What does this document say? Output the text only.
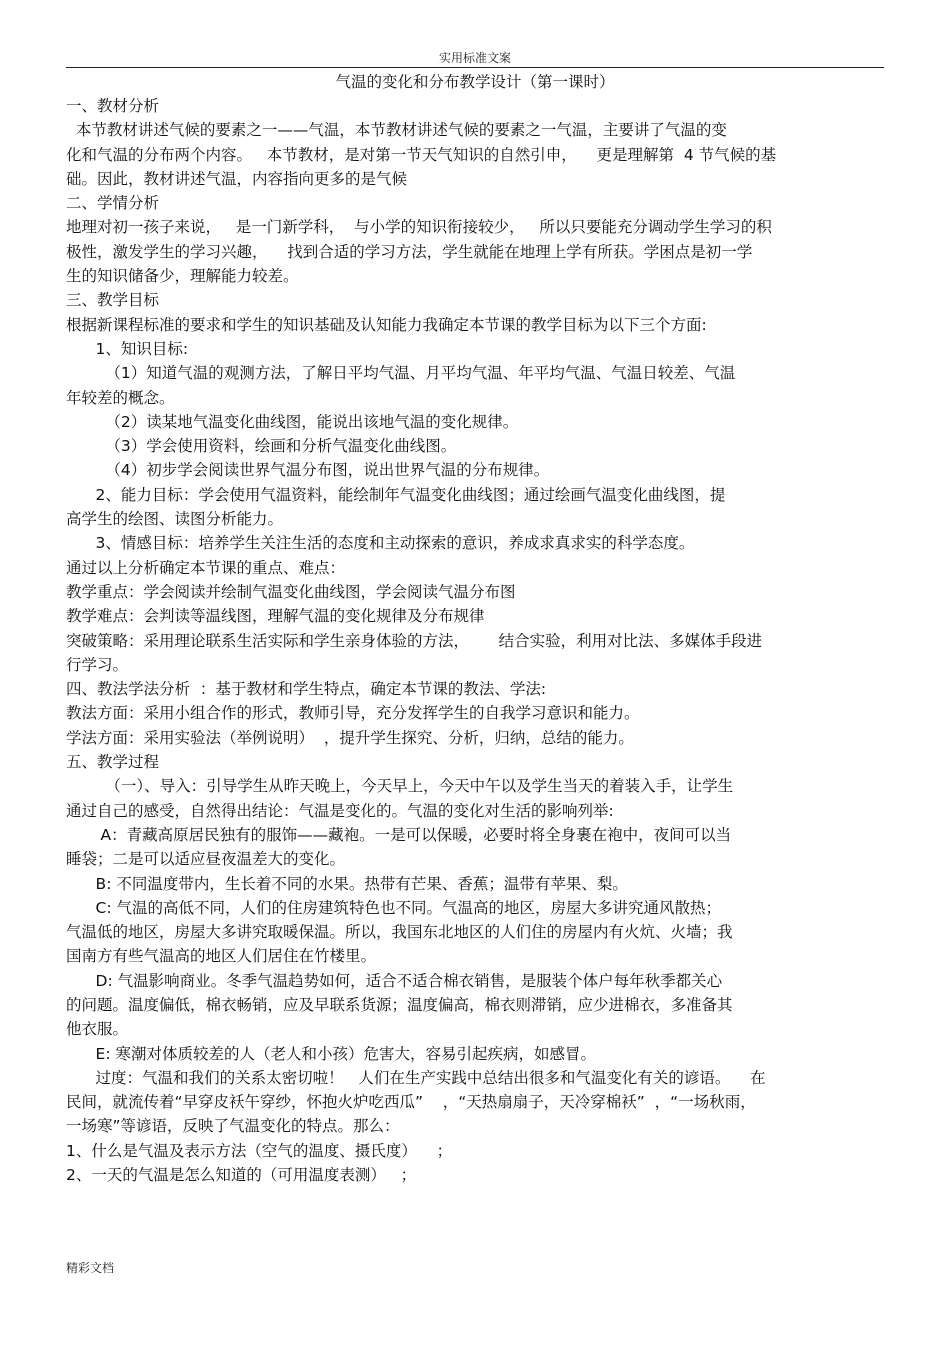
实用标准文案
气温的变化和分布教学设计（第一课时）
一、教材分析
本节教材讲述气候的要素之一——气温，本节教材讲述气候的要素之一气温，主要讲了气温的变
化和气温的分布两个内容。   本节教材，是对第一节天气知识的自然引申，    更是理解第  4 节气候的基
础。因此，教材讲述气温，内容指向更多的是气候
二、学情分析
地理对初一孩子来说，   是一门新学科，  与小学的知识衔接较少，   所以只要能充分调动学生学习的积
极性，激发学生的学习兴趣，    找到合适的学习方法，学生就能在地理上学有所获。学困点是初一学
生的知识储备少，理解能力较差。
三、教学目标
根据新课程标准的要求和学生的知识基础及认知能力我确定本节课的教学目标为以下三个方面:
1、知识目标:
（1）知道气温的观测方法，了解日平均气温、月平均气温、年平均气温、气温日较差、气温
年较差的概念。
（2）读某地气温变化曲线图，能说出该地气温的变化规律。
（3）学会使用资料，绘画和分析气温变化曲线图。
（4）初步学会阅读世界气温分布图，说出世界气温的分布规律。
2、能力目标：学会使用气温资料，能绘制年气温变化曲线图；通过绘画气温变化曲线图，提
高学生的绘图、读图分析能力。
3、情感目标：培养学生关注生活的态度和主动探索的意识，养成求真求实的科学态度。
通过以上分析确定本节课的重点、难点：
教学重点：学会阅读并绘制气温变化曲线图，学会阅读气温分布图
教学难点：会判读等温线图，理解气温的变化规律及分布规律
突破策略：采用理论联系生活实际和学生亲身体验的方法，      结合实验，利用对比法、多媒体手段进
行学习。
四、教法学法分析  ：基于教材和学生特点，确定本节课的教法、学法:
教法方面：采用小组合作的形式，教师引导，充分发挥学生的自我学习意识和能力。
学法方面：采用实验法（举例说明）  ，提升学生探究、分析，归纳，总结的能力。
五、教学过程
（一）、导入：引导学生从昨天晚上，今天早上，今天中午以及学生当天的着装入手，让学生
通过自己的感受，自然得出结论：气温是变化的。气温的变化对生活的影响列举:
A：青藏高原居民独有的服饰——藏袍。一是可以保暖，必要时将全身裹在袍中，夜间可以当
睡袋；二是可以适应昼夜温差大的变化。
B: 不同温度带内，生长着不同的水果。热带有芒果、香蕉；温带有苹果、梨。
C: 气温的高低不同，人们的住房建筑特色也不同。气温高的地区，房屋大多讲究通风散热；
气温低的地区，房屋大多讲究取暖保温。所以，我国东北地区的人们住的房屋内有火炕、火墙；我
国南方有些气温高的地区人们居住在竹楼里。
D: 气温影响商业。冬季气温趋势如何，适合不适合棉衣销售，是服装个体户每年秋季都关心
的问题。温度偏低，棉衣畅销，应及早联系货源；温度偏高，棉衣则滞销，应少进棉衣，多准备其
他衣服。
E: 寒潮对体质较差的人（老人和小孩）危害大，容易引起疾病，如感冒。
过度：气温和我们的关系太密切啦！   人们在生产实践中总结出很多和气温变化有关的谚语。    在
民间，就流传着“早穿皮袄午穿纱，怀抱火炉吃西瓜”    ，“天热扇扇子，天冷穿棉袄”  ，“一场秋雨，
一场寒”等谚语，反映了气温变化的特点。那么：
1、什么是气温及表示方法（空气的温度、摄氏度）    ；
2、一天的气温是怎么知道的（可用温度表测）   ；
精彩文档
